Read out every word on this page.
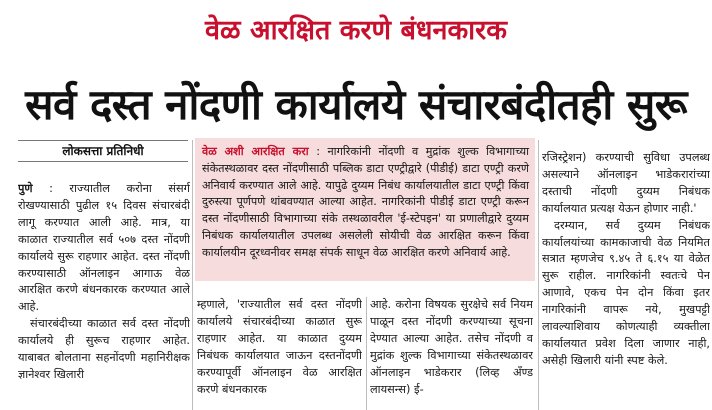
वेळ आरक्षित करणे बंधनकारक
सर्व दस्त नोंदणी कार्यालये संचारबंदीतही सुरू
लोकसत्ता प्रतिनिधी

पुणे : राज्यातील करोना संसर्ग रोखण्यासाठी पुढील १५ दिवस संचारबंदी लागू करण्यात आली आहे. मात्र, या काळात राज्यातील सर्व ५०७ दस्त नोंदणी कार्यालये सुरू राहणार आहेत. दस्त नोंदणी करण्यासाठी ऑनलाइन आगाऊ वेळ आरक्षित करणे बंधनकारक करण्यात आले आहे.

संचारबंदीच्या काळात सर्व दस्त नोंदणी कार्यालये ही सुरूच राहणार आहेत. याबाबत बोलताना सहनोंदणी महानिरीक्षक ज्ञानेश्वर खिलारी

वेळ अशी आरक्षित करा : नागरिकांनी नोंदणी व मुद्रांक शुल्क विभागाच्या संकेतस्थळावर दस्त नोंदणीसाठी पब्लिक डाटा एण्ट्रीद्वारे (पीडीई) डाटा एण्ट्री करणे अनिवार्य करण्यात आले आहे. यापुढे दुय्यम निबंध कार्यालयातील डाटा एण्ट्री किंवा दुरुस्त्या पूर्णपणे थांबवण्यात आल्या आहेत. नागरिकांनी पीडीई डाटा एण्ट्री करून दस्त नोंदणीसाठी विभागाच्या संके तस्थळावरील 'ई-स्टेपइन' या प्रणालीद्वारे दुय्यम निबंधक कार्यालयातील उपलब्ध असलेली सोयीची वेळ आरक्षित करून किंवा कार्यालयीन दूरध्वनीवर समक्ष संपर्क साधून वेळ आरक्षित करणे अनिवार्य आहे.

म्हणाले, 'राज्यातील सर्व दस्त नोंदणी कार्यालये संचारबंदीच्या काळात सुरू राहणार आहेत. या काळात दुय्यम निबंधक कार्यालयात जाऊन दस्तनोंदणी करण्यापूर्वी ऑनलाइन वेळ आरक्षित करणे बंधनकारक

आहे. करोना विषयक सुरक्षेचे सर्व नियम पाळून दस्त नोंदणी करण्याच्या सूचना देण्यात आल्या आहेत. तसेच नोंदणी व मुद्रांक शुल्क विभागाच्या संकेतस्थळावर ऑनलाइन भाडेकरार (लिव्ह अँण्ड लायसन्स) ई-

रजिस्ट्रेशन) करण्याची सुविधा उपलब्ध असल्याने ऑनलाइन भाडेकरारांच्या दस्ताची नोंदणी दुय्यम निबंधक कार्यालयात प्रत्यक्ष येऊन होणार नाही.'

दरम्यान, सर्व दुय्यम निबंधक कार्यालयांच्या कामकाजाची वेळ नियमित सत्रात म्हणजेच ९.४५ ते ६.१५ या वेळेत सुरू राहील. नागरिकांनी स्वतःचे पेन आणावे, एकच पेन दोन किंवा इतर नागरिकांनी वापरू नये, मुखपट्टी लावल्याशिवाय कोणत्याही व्यक्तीला कार्यालयात प्रवेश दिला जाणार नाही, असेही खिलारी यांनी स्पष्ट केले.
